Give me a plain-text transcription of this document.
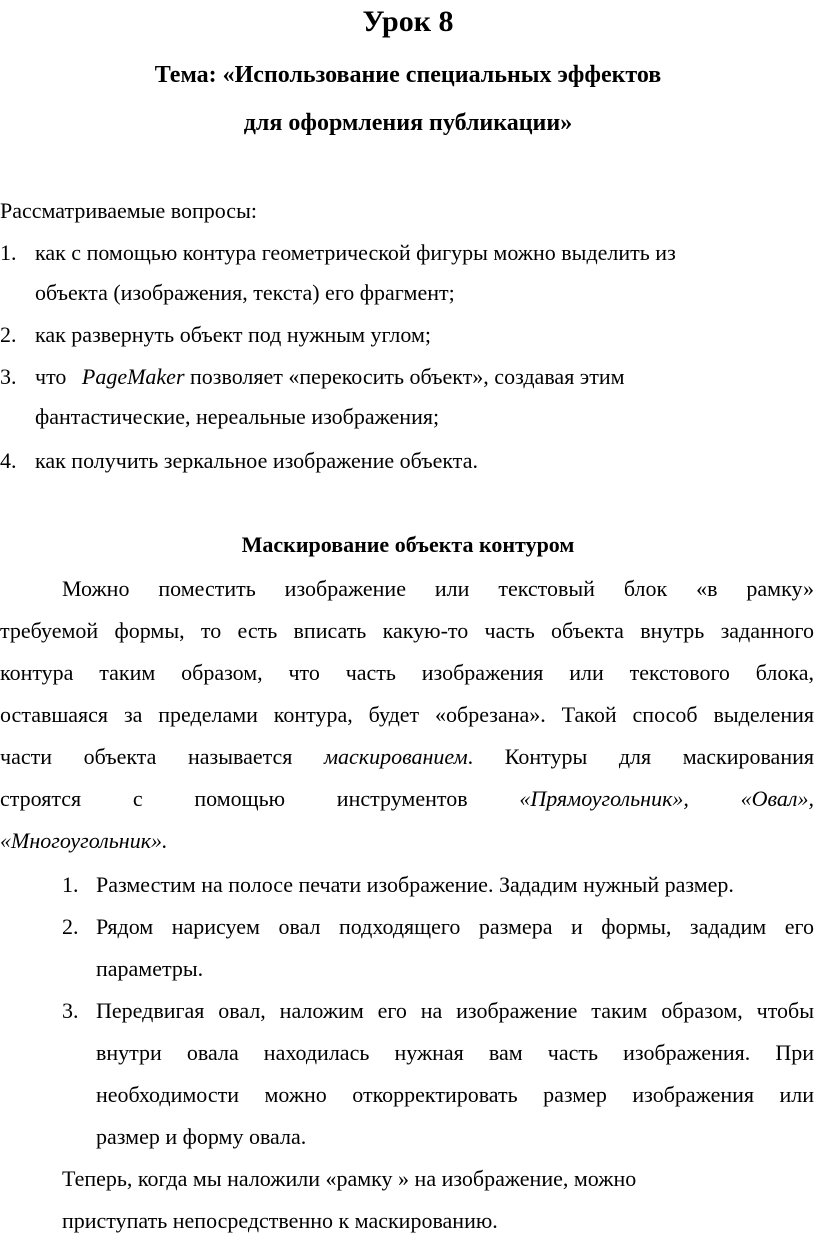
Урок 8
Тема: «Использование специальных эффектов
для оформления публикации»
Рассматриваемые вопросы:
1. как с помощью контура геометрической фигуры можно выделить из
объекта (изображения, текста) его фрагмент;
2. как развернуть объект под нужным углом;
3. что PageMaker позволяет «перекосить объект», создавая этим
фантастические, нереальные изображения;
4. как получить зеркальное изображение объекта.
Маскирование объекта контуром
Можно поместить изображение или текстовый блок «в рамку»
требуемой формы, то есть вписать какую-то часть объекта внутрь заданного
контура таким образом, что часть изображения или текстового блока,
оставшаяся за пределами контура, будет «обрезана». Такой способ выделения
части объекта называется маскированием. Контуры для маскирования
строятся с помощью инструментов «Прямоугольник», «Овал»,
«Многоугольник».
1. Разместим на полосе печати изображение. Зададим нужный размер.
2. Рядом нарисуем овал подходящего размера и формы, зададим его
параметры.
3. Передвигая овал, наложим его на изображение таким образом, чтобы
внутри овала находилась нужная вам часть изображения. При
необходимости можно откорректировать размер изображения или
размер и форму овала.
Теперь, когда мы наложили «рамку » на изображение, можно
приступать непосредственно к маскированию.
